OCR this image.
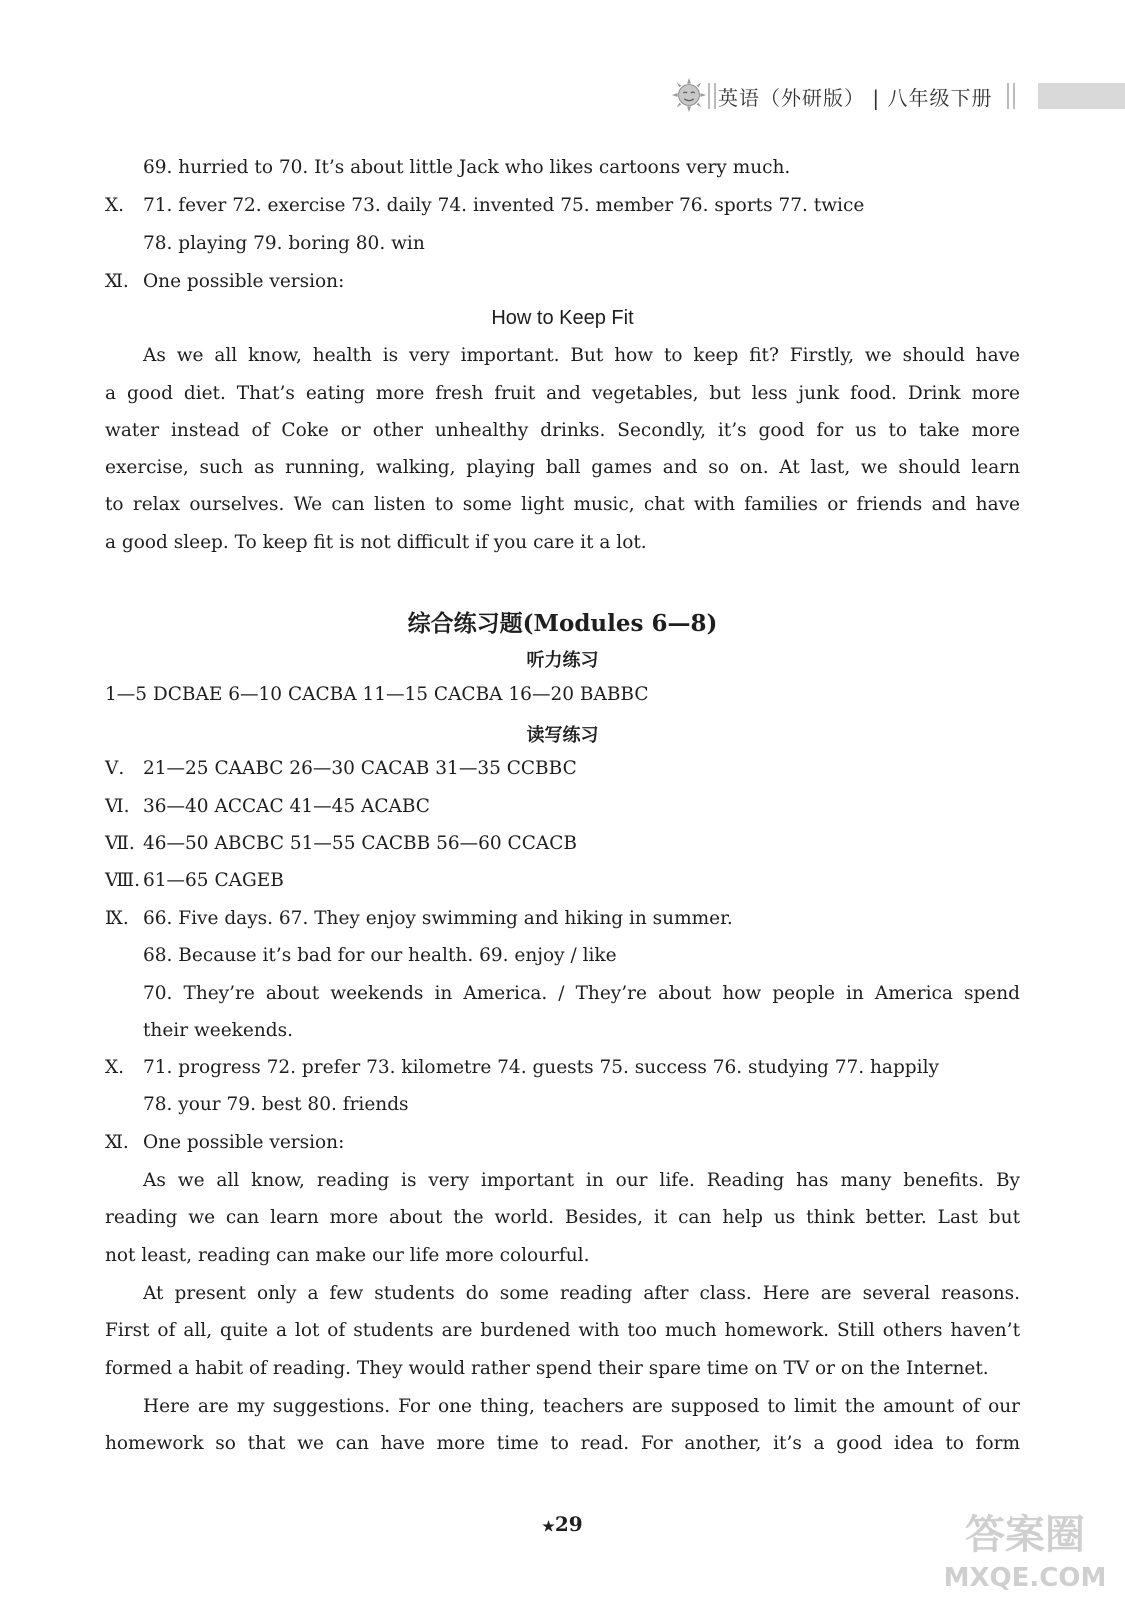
英语（外研版） | 八年级下册
69. hurried to 70. It’s about little Jack who likes cartoons very much.
Ⅹ. 71. fever 72. exercise 73. daily 74. invented 75. member 76. sports 77. twice
78. playing 79. boring 80. win
Ⅺ. One possible version:
How to Keep Fit
As we all know, health is very important. But how to keep fit? Firstly, we should have
a good diet. That’s eating more fresh fruit and vegetables, but less junk food. Drink more
water instead of Coke or other unhealthy drinks. Secondly, it’s good for us to take more
exercise, such as running, walking, playing ball games and so on. At last, we should learn
to relax ourselves. We can listen to some light music, chat with families or friends and have
a good sleep. To keep fit is not difficult if you care it a lot.
综合练习题(Modules 6—8)
听力练习
1—5 DCBAE 6—10 CACBA 11—15 CACBA 16—20 BABBC
读写练习
Ⅴ. 21—25 CAABC 26—30 CACAB 31—35 CCBBC
Ⅵ. 36—40 ACCAC 41—45 ACABC
Ⅶ. 46—50 ABCBC 51—55 CACBB 56—60 CCACB
Ⅷ. 61—65 CAGEB
Ⅸ. 66. Five days. 67. They enjoy swimming and hiking in summer.
68. Because it’s bad for our health. 69. enjoy / like
70. They’re about weekends in America. / They’re about how people in America spend
their weekends.
Ⅹ. 71. progress 72. prefer 73. kilometre 74. guests 75. success 76. studying 77. happily
78. your 79. best 80. friends
Ⅺ. One possible version:
As we all know, reading is very important in our life. Reading has many benefits. By
reading we can learn more about the world. Besides, it can help us think better. Last but
not least, reading can make our life more colourful.
At present only a few students do some reading after class. Here are several reasons.
First of all, quite a lot of students are burdened with too much homework. Still others haven’t
formed a habit of reading. They would rather spend their spare time on TV or on the Internet.
Here are my suggestions. For one thing, teachers are supposed to limit the amount of our
homework so that we can have more time to read. For another, it’s a good idea to form
★29	答案圈
MXQE.COM
